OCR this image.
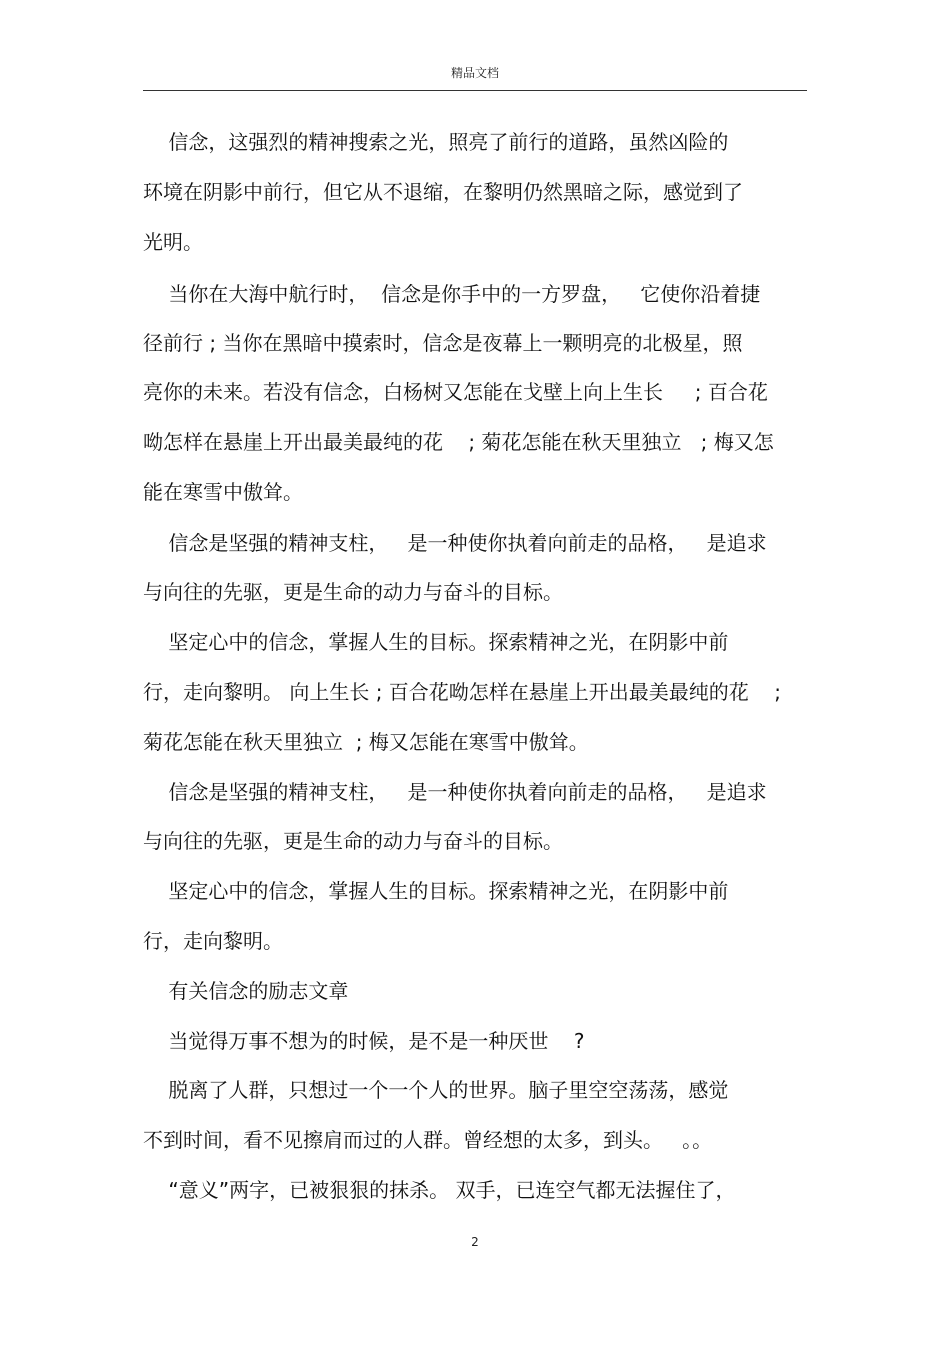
精品文档
信念，这强烈的精神搜索之光，照亮了前行的道路，虽然凶险的
环境在阴影中前行，但它从不退缩，在黎明仍然黑暗之际，感觉到了
光明。
当你在大海中航行时，  信念是你手中的一方罗盘，   它使你沿着捷
径前行 ; 当你在黑暗中摸索时，信念是夜幕上一颗明亮的北极星，照
亮你的未来。若没有信念，白杨树又怎能在戈壁上向上生长     ; 百合花
呦怎样在悬崖上开出最美最纯的花    ; 菊花怎能在秋天里独立   ; 梅又怎
能在寒雪中傲耸。
信念是坚强的精神支柱，   是一种使你执着向前走的品格，   是追求
与向往的先驱，更是生命的动力与奋斗的目标。
坚定心中的信念，掌握人生的目标。探索精神之光，在阴影中前
行，走向黎明。 向上生长 ; 百合花呦怎样在悬崖上开出最美最纯的花    ;
菊花怎能在秋天里独立  ; 梅又怎能在寒雪中傲耸。
信念是坚强的精神支柱，   是一种使你执着向前走的品格，   是追求
与向往的先驱，更是生命的动力与奋斗的目标。
坚定心中的信念，掌握人生的目标。探索精神之光，在阴影中前
行，走向黎明。
有关信念的励志文章
当觉得万事不想为的时候，是不是一种厌世    ?
脱离了人群，只想过一个一个人的世界。脑子里空空荡荡，感觉
不到时间，看不见擦肩而过的人群。曾经想的太多，到头。   。。
“意义”两字，已被狠狠的抹杀。 双手，已连空气都无法握住了，
2
